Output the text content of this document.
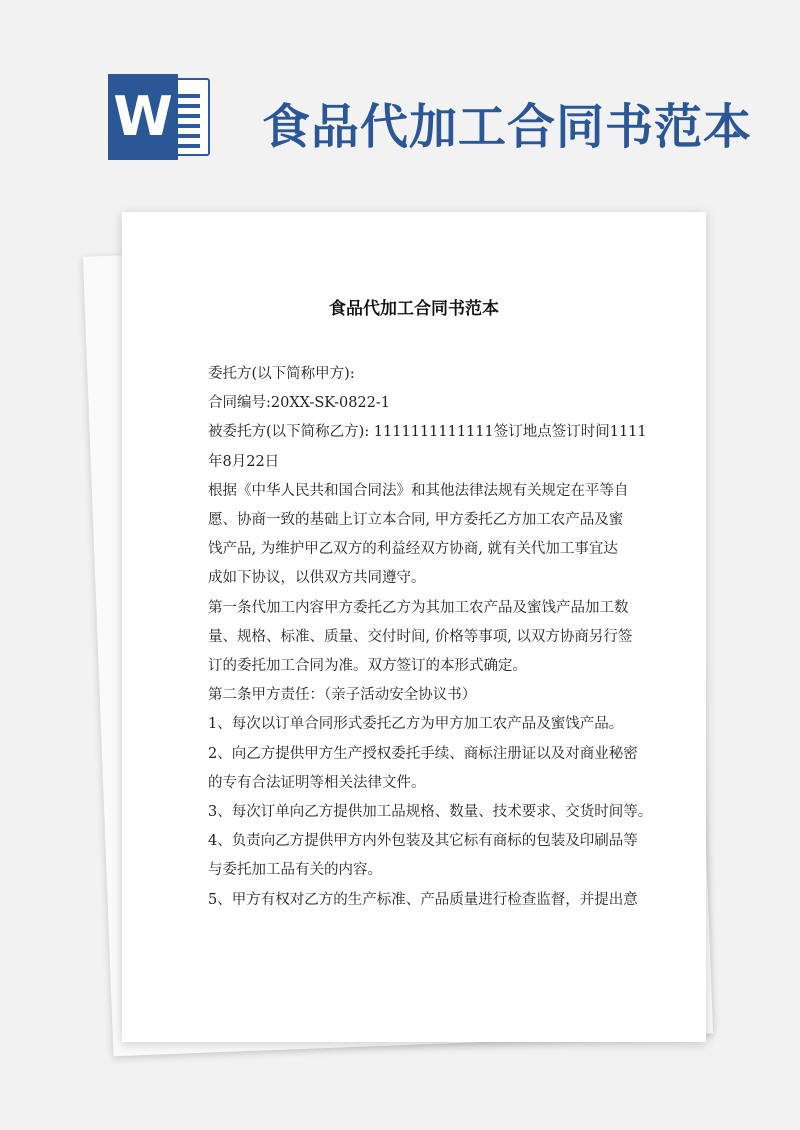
W 食品代加工合同书范本
食品代加工合同书范本

委托方(以下简称甲方):

合同编号:20XX-SK-0822-1

被委托方(以下简称乙方): 1111111111111签订地点签订时间1111

年8月22日

根据《中华人民共和国合同法》和其他法律法规有关规定在平等自

愿、协商一致的基础上订立本合同, 甲方委托乙方加工农产品及蜜

饯产品, 为维护甲乙双方的利益经双方协商, 就有关代加工事宜达

成如下协议，以供双方共同遵守。

第一条代加工内容甲方委托乙方为其加工农产品及蜜饯产品加工数

量、规格、标准、质量、交付时间, 价格等事项, 以双方协商另行签

订的委托加工合同为准。双方签订的本形式确定。

第二条甲方责任：（亲子活动安全协议书）

1、每次以订单合同形式委托乙方为甲方加工农产品及蜜饯产品。

2、向乙方提供甲方生产授权委托手续、商标注册证以及对商业秘密

的专有合法证明等相关法律文件。

3、每次订单向乙方提供加工品规格、数量、技术要求、交货时间等。

4、负责向乙方提供甲方内外包装及其它标有商标的包装及印刷品等

与委托加工品有关的内容。

5、甲方有权对乙方的生产标准、产品质量进行检查监督，并提出意
